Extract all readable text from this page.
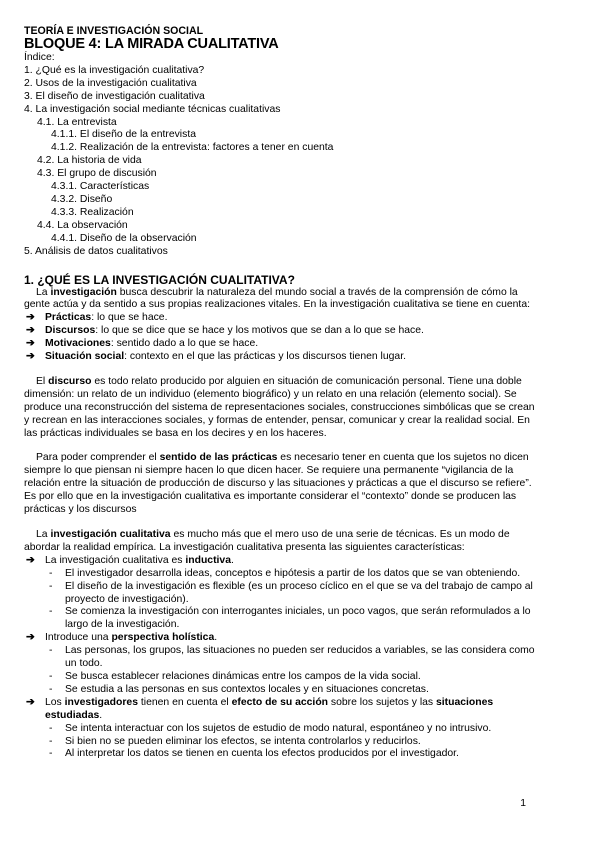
TEORÍA E INVESTIGACIÓN SOCIAL
BLOQUE 4: LA MIRADA CUALITATIVA
Índice:
1. ¿Qué es la investigación cualitativa?
2. Usos de la investigación cualitativa
3. El diseño de investigación cualitativa
4. La investigación social mediante técnicas cualitativas
4.1. La entrevista
4.1.1. El diseño de la entrevista
4.1.2. Realización de la entrevista: factores a tener en cuenta
4.2. La historia de vida
4.3. El grupo de discusión
4.3.1. Características
4.3.2. Diseño
4.3.3. Realización
4.4. La observación
4.4.1. Diseño de la observación
5. Análisis de datos cualitativos
1. ¿QUÉ ES LA INVESTIGACIÓN CUALITATIVA?

La investigación busca descubrir la naturaleza del mundo social a través de la comprensión de cómo la gente actúa y da sentido a sus propias realizaciones vitales. En la investigación cualitativa se tiene en cuenta:

➔ Prácticas: lo que se hace.
➔ Discursos: lo que se dice que se hace y los motivos que se dan a lo que se hace.
➔ Motivaciones: sentido dado a lo que se hace.
➔ Situación social: contexto en el que las prácticas y los discursos tienen lugar.

El discurso es todo relato producido por alguien en situación de comunicación personal. Tiene una doble dimensión: un relato de un individuo (elemento biográfico) y un relato en una relación (elemento social). Se produce una reconstrucción del sistema de representaciones sociales, construcciones simbólicas que se crean y recrean en las interacciones sociales, y formas de entender, pensar, comunicar y crear la realidad social. En las prácticas individuales se basa en los decires y en los haceres.

Para poder comprender el sentido de las prácticas es necesario tener en cuenta que los sujetos no dicen siempre lo que piensan ni siempre hacen lo que dicen hacer. Se requiere una permanente “vigilancia de la relación entre la situación de producción de discurso y las situaciones y prácticas a que el discurso se refiere”. Es por ello que en la investigación cualitativa es importante considerar el “contexto” donde se producen las prácticas y los discursos

La investigación cualitativa es mucho más que el mero uso de una serie de técnicas. Es un modo de abordar la realidad empírica. La investigación cualitativa presenta las siguientes características:

➔ La investigación cualitativa es inductiva.
- El investigador desarrolla ideas, conceptos e hipótesis a partir de los datos que se van obteniendo.
- El diseño de la investigación es flexible (es un proceso cíclico en el que se va del trabajo de campo al proyecto de investigación).
- Se comienza la investigación con interrogantes iniciales, un poco vagos, que serán reformulados a lo largo de la investigación.
➔ Introduce una perspectiva holística.
- Las personas, los grupos, las situaciones no pueden ser reducidos a variables, se las considera como un todo.
- Se busca establecer relaciones dinámicas entre los campos de la vida social.
- Se estudia a las personas en sus contextos locales y en situaciones concretas.
➔ Los investigadores tienen en cuenta el efecto de su acción sobre los sujetos y las situaciones estudiadas.
- Se intenta interactuar con los sujetos de estudio de modo natural, espontáneo y no intrusivo.
- Si bien no se pueden eliminar los efectos, se intenta controlarlos y reducirlos.
- Al interpretar los datos se tienen en cuenta los efectos producidos por el investigador.
1
